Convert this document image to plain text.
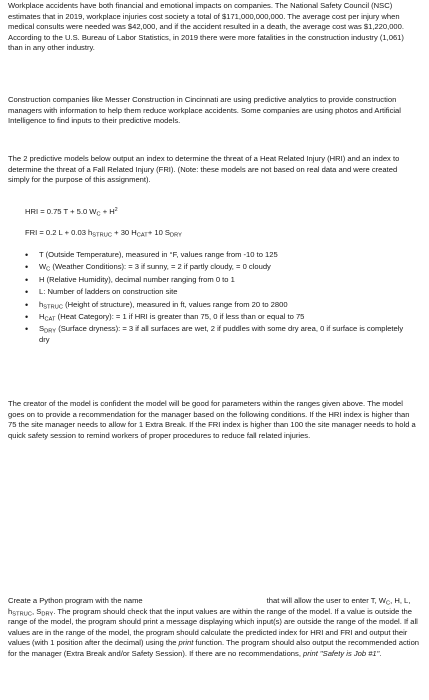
Workplace accidents have both financial and emotional impacts on companies. The National Safety Council (NSC) estimates that in 2019, workplace injuries cost society a total of $171,000,000,000. The average cost per injury when medical consults were needed was $42,000, and if the accident resulted in a death, the average cost was $1,220,000. According to the U.S. Bureau of Labor Statistics, in 2019 there were more fatalities in the construction industry (1,061) than in any other industry.

Construction companies like Messer Construction in Cincinnati are using predictive analytics to provide construction managers with information to help them reduce workplace accidents. Some companies are using photos and Artificial Intelligence to find inputs to their predictive models.

The 2 predictive models below output an index to determine the threat of a Heat Related Injury (HRI) and an index to determine the threat of a Fall Related Injury (FRI). (Note: these models are not based on real data and were created simply for the purpose of this assignment).

HRI = 0.75 T + 5.0 $W_C + H^2$
FRI = 0.2 L + 0.03 $h_{STRUC} + 30$ $H_{CAT}+ 10$ $S_{DRY}$
• T (Outside Temperature), measured in °F, values range from -10 to 125
• $W_C$ (Weather Conditions): = 3 if sunny, = 2 if partly cloudy, = 0 cloudy
• H (Relative Humidity), decimal number ranging from 0 to 1
• L: Number of ladders on construction site
• $h_{STRUC}$ (Height of structure), measured in ft, values range from 20 to 2800
• $H_{CAT}$ (Heat Category): = 1 if HRI is greater than 75, 0 if less than or equal to 75
• $S_{DRY}$ (Surface dryness): = 3 if all surfaces are wet, 2 if puddles with some dry area, 0 if surface is completely dry

The creator of the model is confident the model will be good for parameters within the ranges given above. The model goes on to provide a recommendation for the manager based on the following conditions. If the HRI index is higher than 75 the site manager needs to allow for 1 Extra Break. If the FRI index is higher than 100 the site manager needs to hold a quick safety session to remind workers of proper procedures to reduce fall related injuries.

Create a Python program with the name	that will allow the user to enter T, $W_C$, H, L, $h_{STRUC}$, $S_{DRY}$. The program should check that the input values are within the range of the model. If a value is outside the range of the model, the program should print a message displaying which input(s) are outside the range of the model. If all values are in the range of the model, the program should calculate the predicted index for HRI and FRI and output their values (with 1 position after the decimal) using the print function. The program should also output the recommended action for the manager (Extra Break and/or Safety Session). If there are no recommendations, print "Safety is Job #1".
